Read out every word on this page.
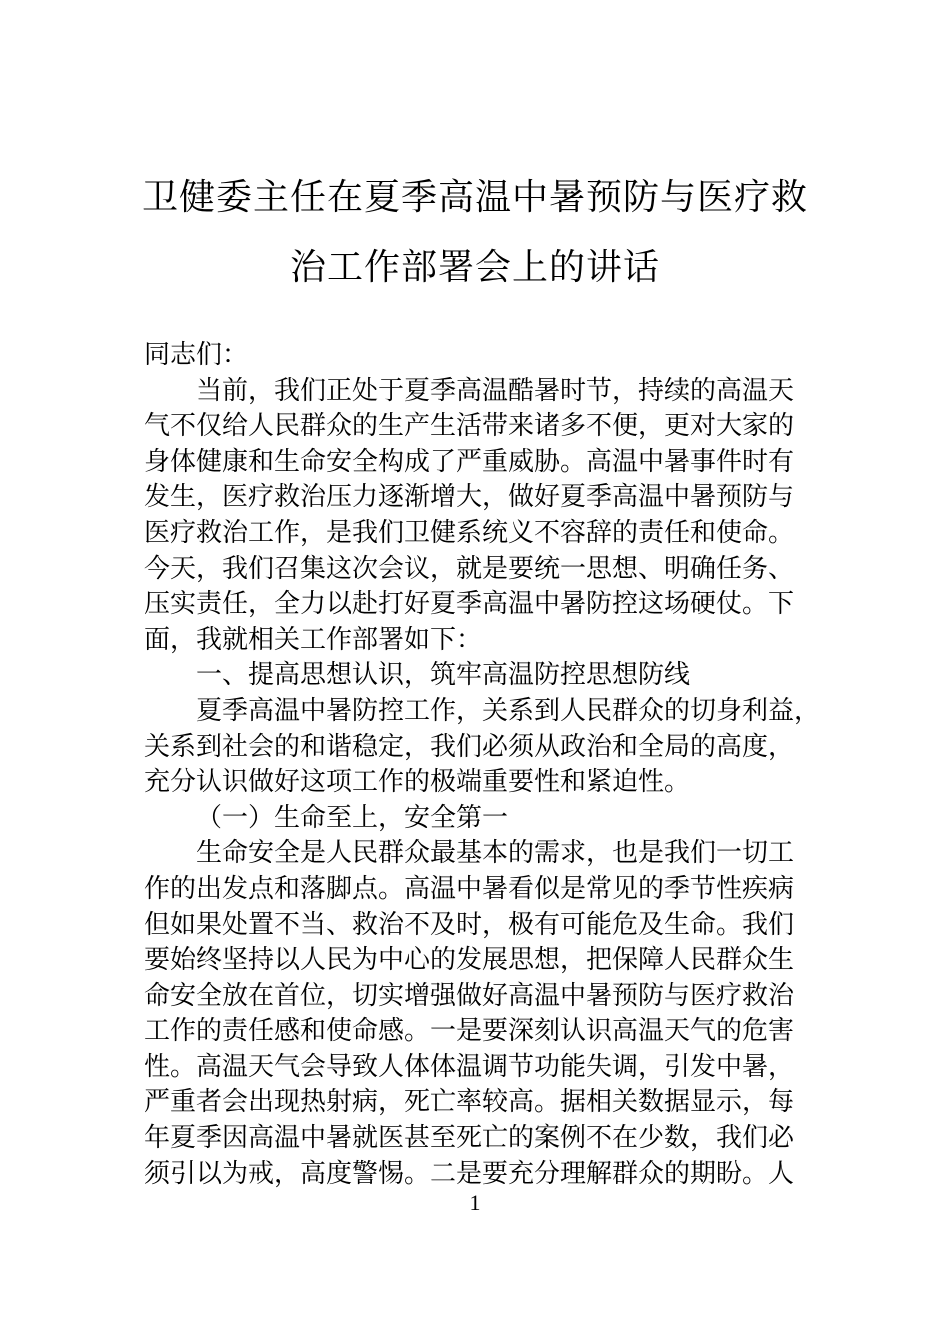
卫健委主任在夏季高温中暑预防与医疗救
治工作部署会上的讲话
同志们：
当前，我们正处于夏季高温酷暑时节，持续的高温天
气不仅给人民群众的生产生活带来诸多不便，更对大家的
身体健康和生命安全构成了严重威胁。高温中暑事件时有
发生，医疗救治压力逐渐增大，做好夏季高温中暑预防与
医疗救治工作，是我们卫健系统义不容辞的责任和使命。
今天，我们召集这次会议，就是要统一思想、明确任务、
压实责任，全力以赴打好夏季高温中暑防控这场硬仗。下
面，我就相关工作部署如下：
一、提高思想认识，筑牢高温防控思想防线
夏季高温中暑防控工作，关系到人民群众的切身利益，
关系到社会的和谐稳定，我们必须从政治和全局的高度，
充分认识做好这项工作的极端重要性和紧迫性。
（一）生命至上，安全第一
生命安全是人民群众最基本的需求，也是我们一切工
作的出发点和落脚点。高温中暑看似是常见的季节性疾病
但如果处置不当、救治不及时，极有可能危及生命。我们
要始终坚持以人民为中心的发展思想，把保障人民群众生
命安全放在首位，切实增强做好高温中暑预防与医疗救治
工作的责任感和使命感。一是要深刻认识高温天气的危害
性。高温天气会导致人体体温调节功能失调，引发中暑，
严重者会出现热射病，死亡率较高。据相关数据显示，每
年夏季因高温中暑就医甚至死亡的案例不在少数，我们必
须引以为戒，高度警惕。二是要充分理解群众的期盼。人
1
